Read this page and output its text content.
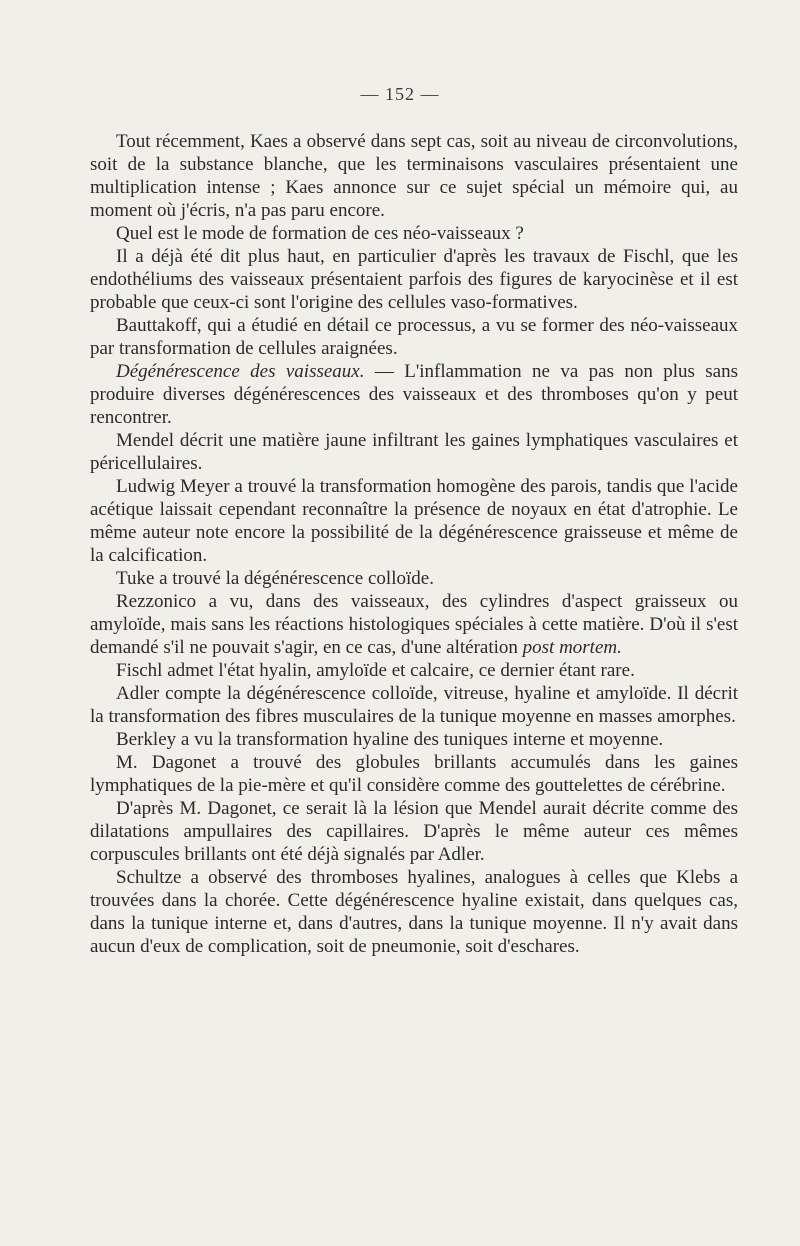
— 152 —

Tout récemment, Kaes a observé dans sept cas, soit au niveau de circonvolutions, soit de la substance blanche, que les terminaisons vasculaires présentaient une multiplication intense ; Kaes annonce sur ce sujet spécial un mémoire qui, au moment où j'écris, n'a pas paru encore.

Quel est le mode de formation de ces néo-vaisseaux ?

Il a déjà été dit plus haut, en particulier d'après les travaux de Fischl, que les endothéliums des vaisseaux présentaient parfois des figures de karyocinèse et il est probable que ceux-ci sont l'origine des cellules vaso-formatives.

Bauttakoff, qui a étudié en détail ce processus, a vu se former des néo-vaisseaux par transformation de cellules araignées.

Dégénérescence des vaisseaux. — L'inflammation ne va pas non plus sans produire diverses dégénérescences des vaisseaux et des thromboses qu'on y peut rencontrer.

Mendel décrit une matière jaune infiltrant les gaines lymphatiques vasculaires et péricellulaires.

Ludwig Meyer a trouvé la transformation homogène des parois, tandis que l'acide acétique laissait cependant reconnaître la présence de noyaux en état d'atrophie. Le même auteur note encore la possibilité de la dégénérescence graisseuse et même de la calcification.

Tuke a trouvé la dégénérescence colloïde.

Rezzonico a vu, dans des vaisseaux, des cylindres d'aspect graisseux ou amyloïde, mais sans les réactions histologiques spéciales à cette matière. D'où il s'est demandé s'il ne pouvait s'agir, en ce cas, d'une altération post mortem.

Fischl admet l'état hyalin, amyloïde et calcaire, ce dernier étant rare.

Adler compte la dégénérescence colloïde, vitreuse, hyaline et amyloïde. Il décrit la transformation des fibres musculaires de la tunique moyenne en masses amorphes.

Berkley a vu la transformation hyaline des tuniques interne et moyenne.

M. Dagonet a trouvé des globules brillants accumulés dans les gaines lymphatiques de la pie-mère et qu'il considère comme des gouttelettes de cérébrine.

D'après M. Dagonet, ce serait là la lésion que Mendel aurait décrite comme des dilatations ampullaires des capillaires. D'après le même auteur ces mêmes corpuscules brillants ont été déjà signalés par Adler.

Schultze a observé des thromboses hyalines, analogues à celles que Klebs a trouvées dans la chorée. Cette dégénérescence hyaline existait, dans quelques cas, dans la tunique interne et, dans d'autres, dans la tunique moyenne. Il n'y avait dans aucun d'eux de complication, soit de pneumonie, soit d'eschares.
